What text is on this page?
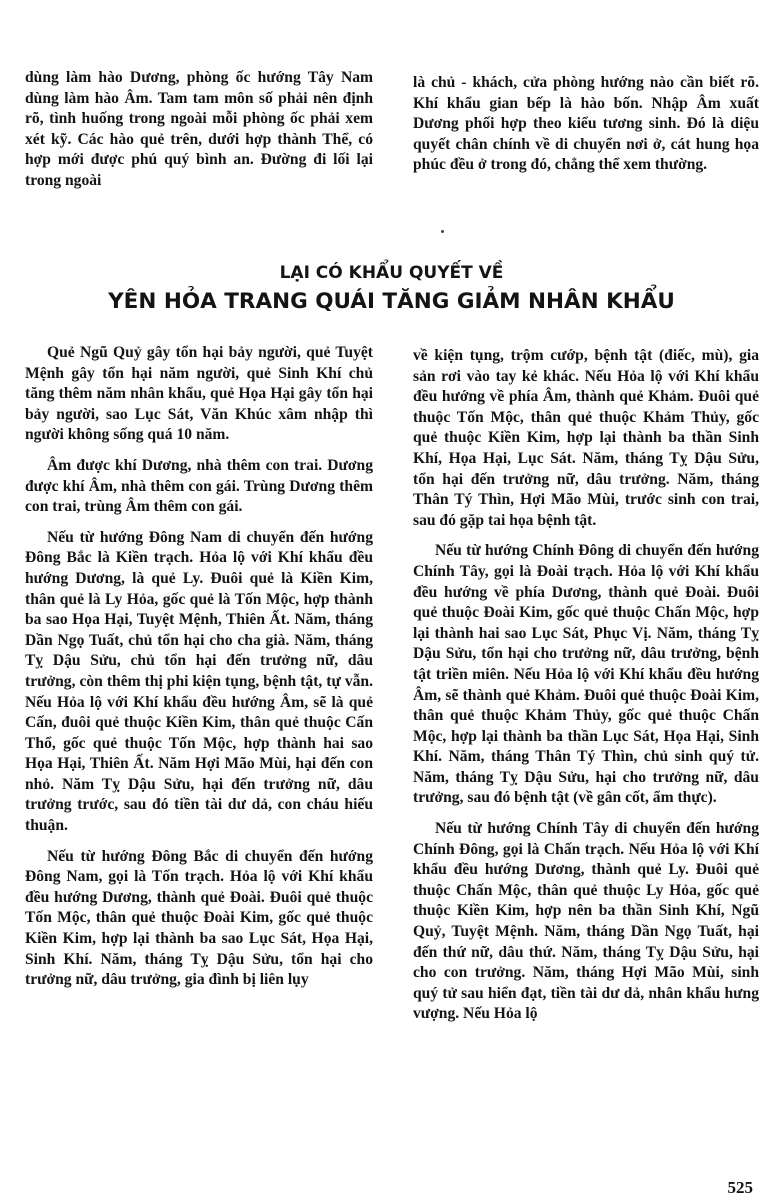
dùng làm hào Dương, phòng ốc hướng Tây Nam dùng làm hào Âm. Tam tam môn số phải nên định rõ, tình huống trong ngoài mỗi phòng ốc phải xem xét kỹ. Các hào quẻ trên, dưới hợp thành Thể, có hợp mới được phú quý bình an. Đường đi lối lại trong ngoài

là chủ - khách, cửa phòng hướng nào cần biết rõ. Khí khẩu gian bếp là hào bốn. Nhập Âm xuất Dương phối hợp theo kiểu tương sinh. Đó là diệu quyết chân chính về di chuyển nơi ở, cát hung họa phúc đều ở trong đó, chẳng thể xem thường.

LẠI CÓ KHẨU QUYẾT VỀ
YÊN HỎA TRANG QUÁI TĂNG GIẢM NHÂN KHẨU

Quẻ Ngũ Quỷ gây tổn hại bảy người, quẻ Tuyệt Mệnh gây tổn hại năm người, quẻ Sinh Khí chủ tăng thêm năm nhân khẩu, quẻ Họa Hại gây tổn hại bảy người, sao Lục Sát, Văn Khúc xâm nhập thì người không sống quá 10 năm.

Âm được khí Dương, nhà thêm con trai. Dương được khí Âm, nhà thêm con gái. Trùng Dương thêm con trai, trùng Âm thêm con gái.

Nếu từ hướng Đông Nam di chuyển đến hướng Đông Bắc là Kiền trạch. Hỏa lộ với Khí khẩu đều hướng Dương, là quẻ Ly. Đuôi quẻ là Kiền Kim, thân quẻ là Ly Hỏa, gốc quẻ là Tốn Mộc, hợp thành ba sao Họa Hại, Tuyệt Mệnh, Thiên Ất. Năm, tháng Dần Ngọ Tuất, chủ tổn hại cho cha già. Năm, tháng Tỵ Dậu Sửu, chủ tổn hại đến trưởng nữ, dâu trưởng, còn thêm thị phi kiện tụng, bệnh tật, tự vẫn. Nếu Hỏa lộ với Khí khẩu đều hướng Âm, sẽ là quẻ Cấn, đuôi quẻ thuộc Kiền Kim, thân quẻ thuộc Cấn Thổ, gốc quẻ thuộc Tốn Mộc, hợp thành hai sao Họa Hại, Thiên Ất. Năm Hợi Mão Mùi, hại đến con nhỏ. Năm Tỵ Dậu Sửu, hại đến trưởng nữ, dâu trưởng trước, sau đó tiền tài dư dả, con cháu hiếu thuận.

Nếu từ hướng Đông Bắc di chuyển đến hướng Đông Nam, gọi là Tốn trạch. Hỏa lộ với Khí khẩu đều hướng Dương, thành quẻ Đoài. Đuôi quẻ thuộc Tốn Mộc, thân quẻ thuộc Đoài Kim, gốc quẻ thuộc Kiền Kim, hợp lại thành ba sao Lục Sát, Họa Hại, Sinh Khí. Năm, tháng Tỵ Dậu Sửu, tổn hại cho trưởng nữ, dâu trưởng, gia đình bị liên lụy

về kiện tụng, trộm cướp, bệnh tật (điếc, mù), gia sản rơi vào tay kẻ khác. Nếu Hỏa lộ với Khí khẩu đều hướng về phía Âm, thành quẻ Khảm. Đuôi quẻ thuộc Tốn Mộc, thân quẻ thuộc Khảm Thủy, gốc quẻ thuộc Kiền Kim, hợp lại thành ba thần Sinh Khí, Họa Hại, Lục Sát. Năm, tháng Tỵ Dậu Sửu, tổn hại đến trưởng nữ, dâu trưởng. Năm, tháng Thân Tý Thìn, Hợi Mão Mùi, trước sinh con trai, sau đó gặp tai họa bệnh tật.

Nếu từ hướng Chính Đông di chuyển đến hướng Chính Tây, gọi là Đoài trạch. Hỏa lộ với Khí khẩu đều hướng về phía Dương, thành quẻ Đoài. Đuôi quẻ thuộc Đoài Kim, gốc quẻ thuộc Chấn Mộc, hợp lại thành hai sao Lục Sát, Phục Vị. Năm, tháng Tỵ Dậu Sửu, tổn hại cho trưởng nữ, dâu trưởng, bệnh tật triền miên. Nếu Hỏa lộ với Khí khẩu đều hướng Âm, sẽ thành quẻ Khảm. Đuôi quẻ thuộc Đoài Kim, thân quẻ thuộc Khảm Thủy, gốc quẻ thuộc Chấn Mộc, hợp lại thành ba thần Lục Sát, Họa Hại, Sinh Khí. Năm, tháng Thân Tý Thìn, chủ sinh quý tử. Năm, tháng Tỵ Dậu Sửu, hại cho trưởng nữ, dâu trưởng, sau đó bệnh tật (về gân cốt, ẩm thực).

Nếu từ hướng Chính Tây di chuyển đến hướng Chính Đông, gọi là Chấn trạch. Nếu Hỏa lộ với Khí khẩu đều hướng Dương, thành quẻ Ly. Đuôi quẻ thuộc Chấn Mộc, thân quẻ thuộc Ly Hỏa, gốc quẻ thuộc Kiền Kim, hợp nên ba thần Sinh Khí, Ngũ Quỷ, Tuyệt Mệnh. Năm, tháng Dần Ngọ Tuất, hại đến thứ nữ, dâu thứ. Năm, tháng Tỵ Dậu Sửu, hại cho con trưởng. Năm, tháng Hợi Mão Mùi, sinh quý tử sau hiển đạt, tiền tài dư dả, nhân khẩu hưng vượng. Nếu Hỏa lộ

525
